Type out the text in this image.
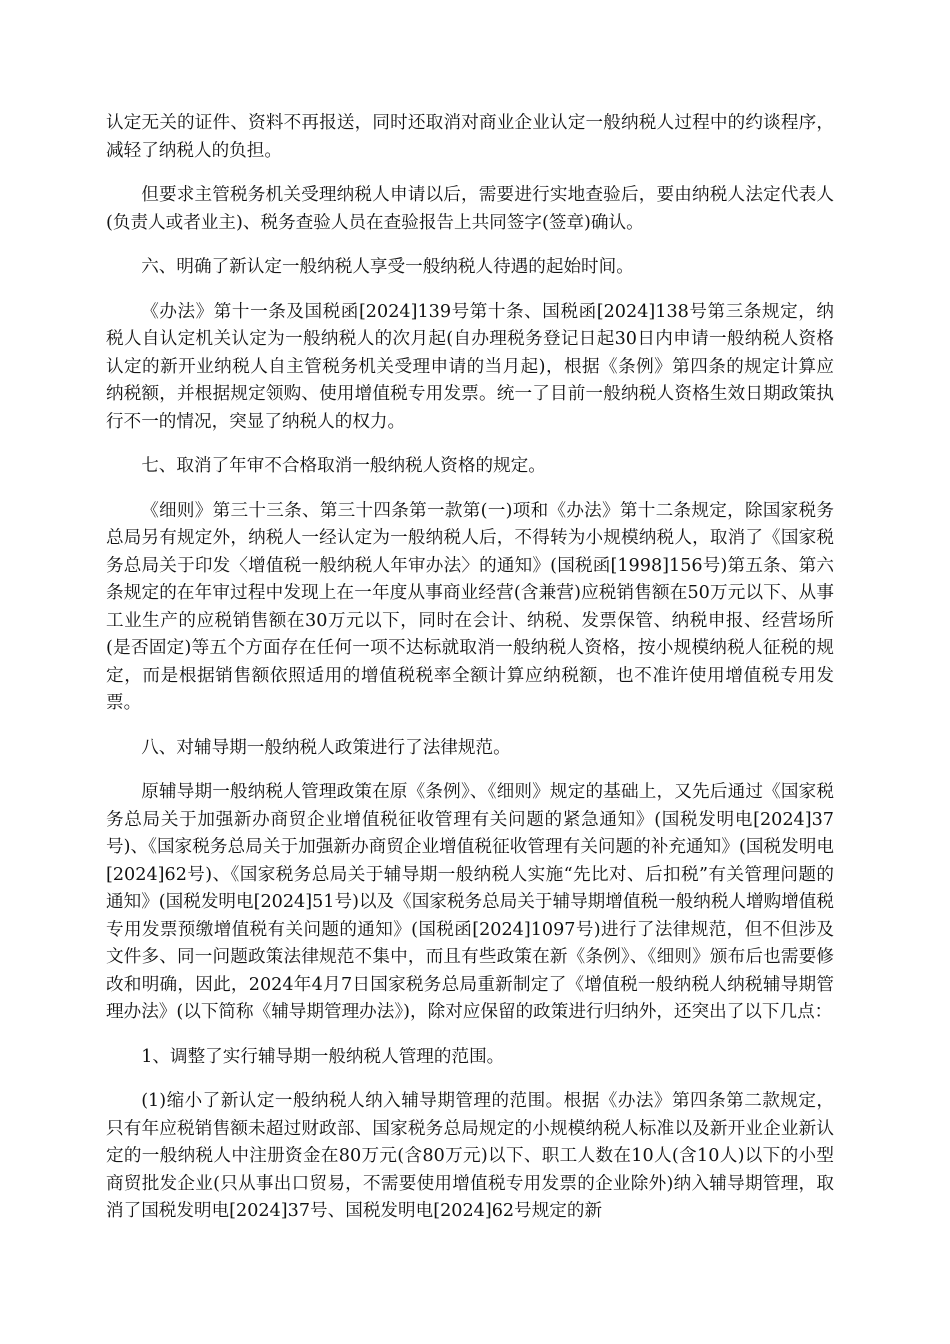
认定无关的证件、资料不再报送，同时还取消对商业企业认定一般纳税人过程中的约谈程序，减轻了纳税人的负担。

但要求主管税务机关受理纳税人申请以后，需要进行实地查验后，要由纳税人法定代表人(负责人或者业主)、税务查验人员在查验报告上共同签字(签章)确认。

六、明确了新认定一般纳税人享受一般纳税人待遇的起始时间。

《办法》第十一条及国税函[2024]139号第十条、国税函[2024]138号第三条规定，纳税人自认定机关认定为一般纳税人的次月起(自办理税务登记日起30日内申请一般纳税人资格认定的新开业纳税人自主管税务机关受理申请的当月起)，根据《条例》第四条的规定计算应纳税额，并根据规定领购、使用增值税专用发票。统一了目前一般纳税人资格生效日期政策执行不一的情况，突显了纳税人的权力。

七、取消了年审不合格取消一般纳税人资格的规定。

《细则》第三十三条、第三十四条第一款第(一)项和《办法》第十二条规定，除国家税务总局另有规定外，纳税人一经认定为一般纳税人后，不得转为小规模纳税人，取消了《国家税务总局关于印发〈增值税一般纳税人年审办法〉的通知》(国税函[1998]156号)第五条、第六条规定的在年审过程中发现上在一年度从事商业经营(含兼营)应税销售额在50万元以下、从事工业生产的应税销售额在30万元以下，同时在会计、纳税、发票保管、纳税申报、经营场所(是否固定)等五个方面存在任何一项不达标就取消一般纳税人资格，按小规模纳税人征税的规定，而是根据销售额依照适用的增值税税率全额计算应纳税额，也不准许使用增值税专用发票。

八、对辅导期一般纳税人政策进行了法律规范。

原辅导期一般纳税人管理政策在原《条例》、《细则》规定的基础上，又先后通过《国家税务总局关于加强新办商贸企业增值税征收管理有关问题的紧急通知》(国税发明电[2024]37号)、《国家税务总局关于加强新办商贸企业增值税征收管理有关问题的补充通知》(国税发明电[2024]62号)、《国家税务总局关于辅导期一般纳税人实施“先比对、后扣税”有关管理问题的通知》(国税发明电[2024]51号)以及《国家税务总局关于辅导期增值税一般纳税人增购增值税专用发票预缴增值税有关问题的通知》(国税函[2024]1097号)进行了法律规范，但不但涉及文件多、同一问题政策法律规范不集中，而且有些政策在新《条例》、《细则》颁布后也需要修改和明确，因此，2024年4月7日国家税务总局重新制定了《增值税一般纳税人纳税辅导期管理办法》(以下简称《辅导期管理办法》)，除对应保留的政策进行归纳外，还突出了以下几点：

1、调整了实行辅导期一般纳税人管理的范围。

(1)缩小了新认定一般纳税人纳入辅导期管理的范围。根据《办法》第四条第二款规定，只有年应税销售额未超过财政部、国家税务总局规定的小规模纳税人标准以及新开业企业新认定的一般纳税人中注册资金在80万元(含80万元)以下、职工人数在10人(含10人)以下的小型商贸批发企业(只从事出口贸易，不需要使用增值税专用发票的企业除外)纳入辅导期管理，取消了国税发明电[2024]37号、国税发明电[2024]62号规定的新
